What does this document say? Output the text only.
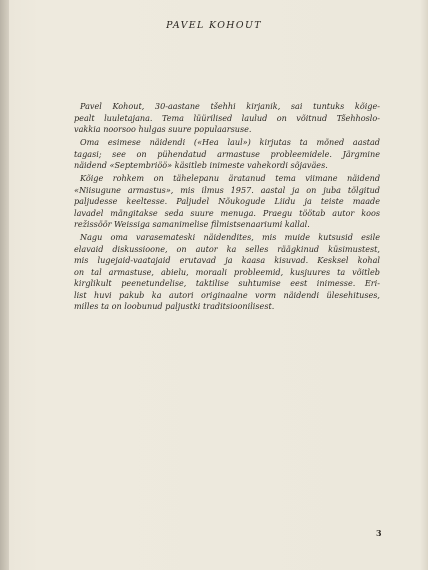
PAVEL KOHOUT
Pavel Kohout, 30-aastane tšehhi kirjanik, sai tuntuks kõige-
pealt luuletajana. Tema lüürilised laulud on võitnud Tšehhoslo-
vakkia noorsoo hulgas suure populaarsuse.
Oma esimese näidendi («Hea laul») kirjutas ta mõned aastad
tagasi; see on pühendatud armastuse probleemidele. Järgmine
näidend «Septembriöö» käsitleb inimeste vahekordi sõjaväes.
Kõige rohkem on tähelepanu äratanud tema viimane näidend
«Niisugune armastus», mis ilmus 1957. aastal ja on juba tõlgitud
paljudesse keeltesse. Paljudel Nõukogude Liidu ja teiste maade
lavadel mängitakse seda suure menuga. Praegu töötab autor koos
režissöör Weissiga samanimelise filmistsenaariumi kallal.
Nagu oma varasemateski näidendites, mis muide kutsusid esile
elavaid diskussioone, on autor ka selles räägkinud küsimustest,
mis lugejaid-vaatajaid erutavad ja kaasa kisuvad. Kesksel kohal
on tal armastuse, abielu, moraali probleemid, kusjuures ta võitleb
kirglikult peenetundelise, taktilise suhtumise eest inimesse. Eri-
list huvi pakub ka autori originaalne vorm näidendi ülesehituses,
milles ta on loobunud paljustki traditsioonilisest.
3
